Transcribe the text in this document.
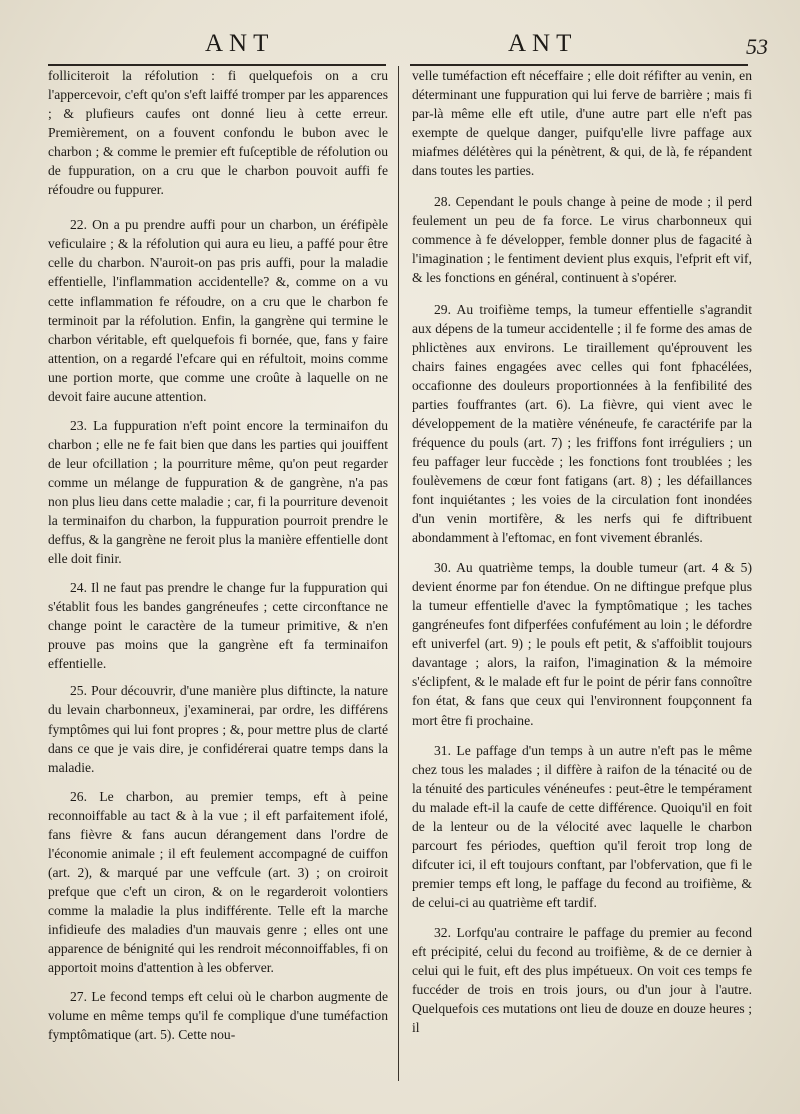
ANT	ANT	53

folliciteroit la réfolution : fi quelquefois on a cru l'appercevoir, c'eft qu'on s'eft laiffé tromper par les apparences ; & plufieurs caufes ont donné lieu à cette erreur. Premièrement, on a fouvent confondu le bubon avec le charbon ; & comme le premier eft fuſceptible de réfolution ou de fuppuration, on a cru que le charbon pouvoit auffi fe réfoudre ou fuppurer.

22. On a pu prendre auffi pour un charbon, un éréfipèle veficulaire ; & la réfolution qui aura eu lieu, a paffé pour être celle du charbon. N'auroit-on pas pris auffi, pour la maladie effentielle, l'inflammation accidentelle? &, comme on a vu cette inflammation fe réfoudre, on a cru que le charbon fe terminoit par la réfolution. Enfin, la gangrène qui termine le charbon véritable, eft quelquefois fi bornée, que, fans y faire attention, on a regardé l'efcare qui en réfultoit, moins comme une portion morte, que comme une croûte à laquelle on ne devoit faire aucune attention.

23. La fuppuration n'eft point encore la terminaifon du charbon ; elle ne fe fait bien que dans les parties qui jouiffent de leur ofcillation ; la pourriture même, qu'on peut regarder comme un mélange de fuppuration & de gangrène, n'a pas non plus lieu dans cette maladie ; car, fi la pourriture devenoit la terminaifon du charbon, la fuppuration pourroit prendre le deffus, & la gangrène ne feroit plus la manière effentielle dont elle doit finir.

24. Il ne faut pas prendre le change fur la fuppuration qui s'établit fous les bandes gangréneufes ; cette circonftance ne change point le caractère de la tumeur primitive, & n'en prouve pas moins que la gangrène eft fa terminaifon effentielle.

25. Pour découvrir, d'une manière plus diftincte, la nature du levain charbonneux, j'examinerai, par ordre, les différens fymptômes qui lui font propres ; &, pour mettre plus de clarté dans ce que je vais dire, je confidérerai quatre temps dans la maladie.

26. Le charbon, au premier temps, eft à peine reconnoiffable au tact & à la vue ; il eft parfaitement ifolé, fans fièvre & fans aucun dérangement dans l'ordre de l'économie animale ; il eft feulement accompagné de cuiffon (art. 2), & marqué par une veffcule (art. 3) ; on croiroit prefque que c'eft un ciron, & on le regarderoit volontiers comme la maladie la plus indifférente. Telle eft la marche infidieufe des maladies d'un mauvais genre ; elles ont une apparence de bénignité qui les rendroit méconnoiffables, fi on apportoit moins d'attention à les obferver.

27. Le fecond temps eft celui où le charbon augmente de volume en même temps qu'il fe complique d'une tuméfaction fymptômatique (art. 5). Cette nou-

velle tuméfaction eft néceffaire ; elle doit réfifter au venin, en déterminant une fuppuration qui lui ferve de barrière ; mais fi par-là même elle eft utile, d'une autre part elle n'eft pas exempte de quelque danger, puifqu'elle livre paffage aux miafmes délétères qui la pénètrent, & qui, de là, fe répandent dans toutes les parties.

28. Cependant le pouls change à peine de mode ; il perd feulement un peu de fa force. Le virus charbonneux qui commence à fe développer, femble donner plus de fagacité à l'imagination ; le fentiment devient plus exquis, l'efprit eft vif, & les fonctions en général, continuent à s'opérer.

29. Au troifième temps, la tumeur effentielle s'agrandit aux dépens de la tumeur accidentelle ; il fe forme des amas de phlictènes aux environs. Le tiraillement qu'éprouvent les chairs faines engagées avec celles qui font fphacélées, occafionne des douleurs proportionnées à la fenfibilité des parties fouffrantes (art. 6). La fièvre, qui vient avec le développement de la matière vénéneufe, fe caractérife par la fréquence du pouls (art. 7) ; les friffons font irréguliers ; un feu paffager leur fuccède ; les fonctions font troublées ; les foulèvemens de cœur font fatigans (art. 8) ; les défaillances font inquiétantes ; les voies de la circulation font inondées d'un venin mortifère, & les nerfs qui fe diftribuent abondamment à l'eftomac, en font vivement ébranlés.

30. Au quatrième temps, la double tumeur (art. 4 & 5) devient énorme par fon étendue. On ne diftingue prefque plus la tumeur effentielle d'avec la fymptômatique ; les taches gangréneufes font difperfées confufément au loin ; le défordre eft univerfel (art. 9) ; le pouls eft petit, & s'affoiblit toujours davantage ; alors, la raifon, l'imagination & la mémoire s'éclipfent, & le malade eft fur le point de périr fans connoître fon état, & fans que ceux qui l'environnent foupçonnent fa mort être fi prochaine.

31. Le paffage d'un temps à un autre n'eft pas le même chez tous les malades ; il diffère à raifon de la ténacité ou de la ténuité des particules vénéneufes : peut-être le tempérament du malade eft-il la caufe de cette différence. Quoiqu'il en foit de la lenteur ou de la vélocité avec laquelle le charbon parcourt fes périodes, queftion qu'il feroit trop long de difcuter ici, il eft toujours conftant, par l'obfervation, que fi le premier temps eft long, le paffage du fecond au troifième, & de celui-ci au quatrième eft tardif.

32. Lorfqu'au contraire le paffage du premier au fecond eft précipité, celui du fecond au troifième, & de ce dernier à celui qui le fuit, eft des plus impétueux. On voit ces temps fe fuccéder de trois en trois jours, ou d'un jour à l'autre. Quelquefois ces mutations ont lieu de douze en douze heures ; il
